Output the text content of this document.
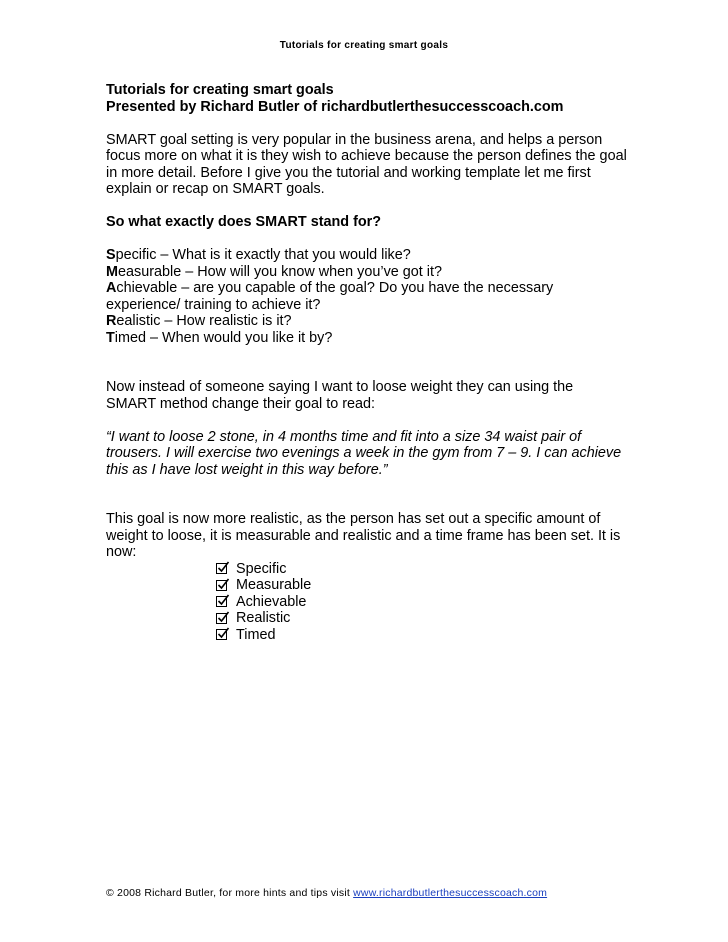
Tutorials for creating smart goals

Tutorials for creating smart goals

Presented by Richard Butler of richardbutlerthesuccesscoach.com

SMART goal setting is very popular in the business arena, and helps a person focus more on what it is they wish to achieve because the person defines the goal in more detail. Before I give you the tutorial and working template let me first explain or recap on SMART goals.

So what exactly does SMART stand for?

Specific – What is it exactly that you would like?

Measurable – How will you know when you’ve got it?

Achievable – are you capable of the goal? Do you have the necessary experience/ training to achieve it?

Realistic – How realistic is it?

Timed – When would you like it by?

Now instead of someone saying I want to loose weight they can using the SMART method change their goal to read:

“I want to loose 2 stone, in 4 months time and fit into a size 34 waist pair of trousers. I will exercise two evenings a week in the gym from 7 – 9. I can achieve this as I have lost weight in this way before.”

This goal is now more realistic, as the person has set out a specific amount of weight to loose, it is measurable and realistic and a time frame has been set. It is now:

Specific
Measurable
Achievable
Realistic
Timed
© 2008 Richard Butler, for more hints and tips visit www.richardbutlerthesuccesscoach.com
